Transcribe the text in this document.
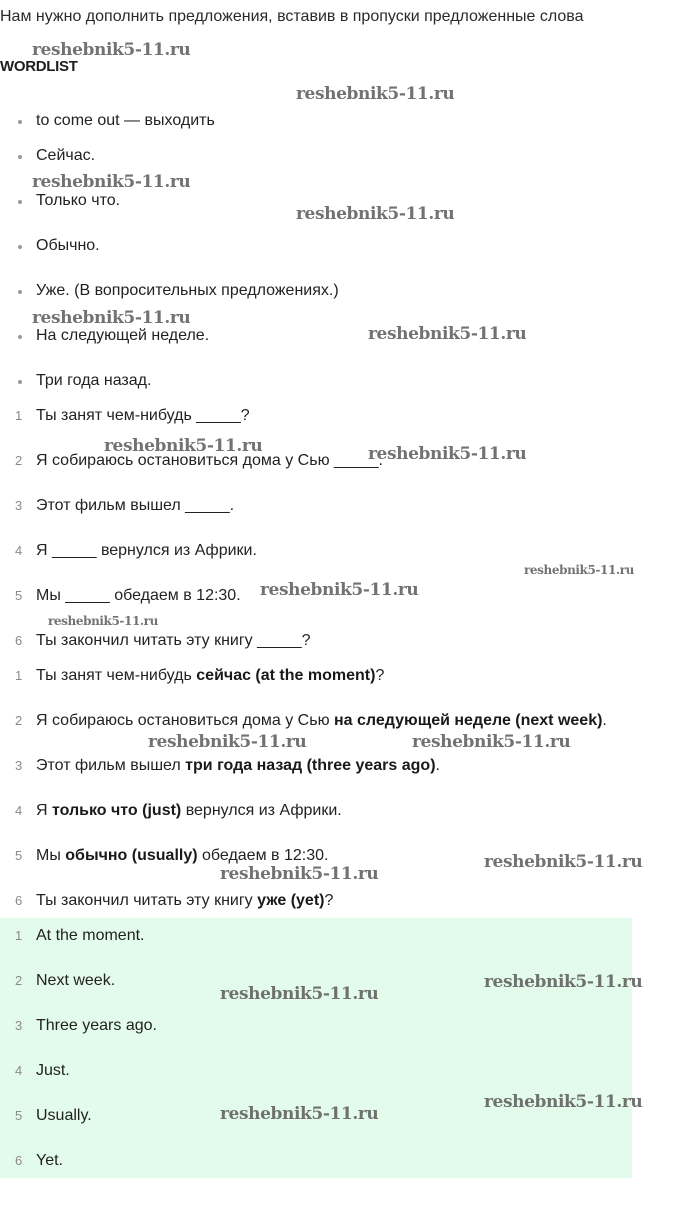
Нам нужно дополнить предложения, вставив в пропуски предложенные слова
WORDLIST
to come out — выходить
Сейчас.
Только что.
Обычно.
Уже. (В вопросительных предложениях.)
На следующей неделе.
Три года назад.
1 Ты занят чем-нибудь _____?
2 Я собираюсь остановиться дома у Сью _____.
3 Этот фильм вышел _____.
4 Я _____ вернулся из Африки.
5 Мы _____ обедаем в 12:30.
6 Ты закончил читать эту книгу _____?
1 Ты занят чем-нибудь сейчас (at the moment)?
2 Я собираюсь остановиться дома у Сью на следующей неделе (next week).
3 Этот фильм вышел три года назад (three years ago).
4 Я только что (just) вернулся из Африки.
5 Мы обычно (usually) обедаем в 12:30.
6 Ты закончил читать эту книгу уже (yet)?
1 At the moment.
2 Next week.
3 Three years ago.
4 Just.
5 Usually.
6 Yet.
reshebnik5-11.ru
reshebnik5-11.ru
reshebnik5-11.ru
reshebnik5-11.ru
reshebnik5-11.ru
reshebnik5-11.ru
reshebnik5-11.ru	reshebnik5-11.ru
reshebnik5-11.ru
reshebnik5-11.ru
reshebnik5-11.ru
reshebnik5-11.ru	reshebnik5-11.ru
reshebnik5-11.ru
reshebnik5-11.ru
reshebnik5-11.ru
reshebnik5-11.ru
reshebnik5-11.ru
reshebnik5-11.ru
